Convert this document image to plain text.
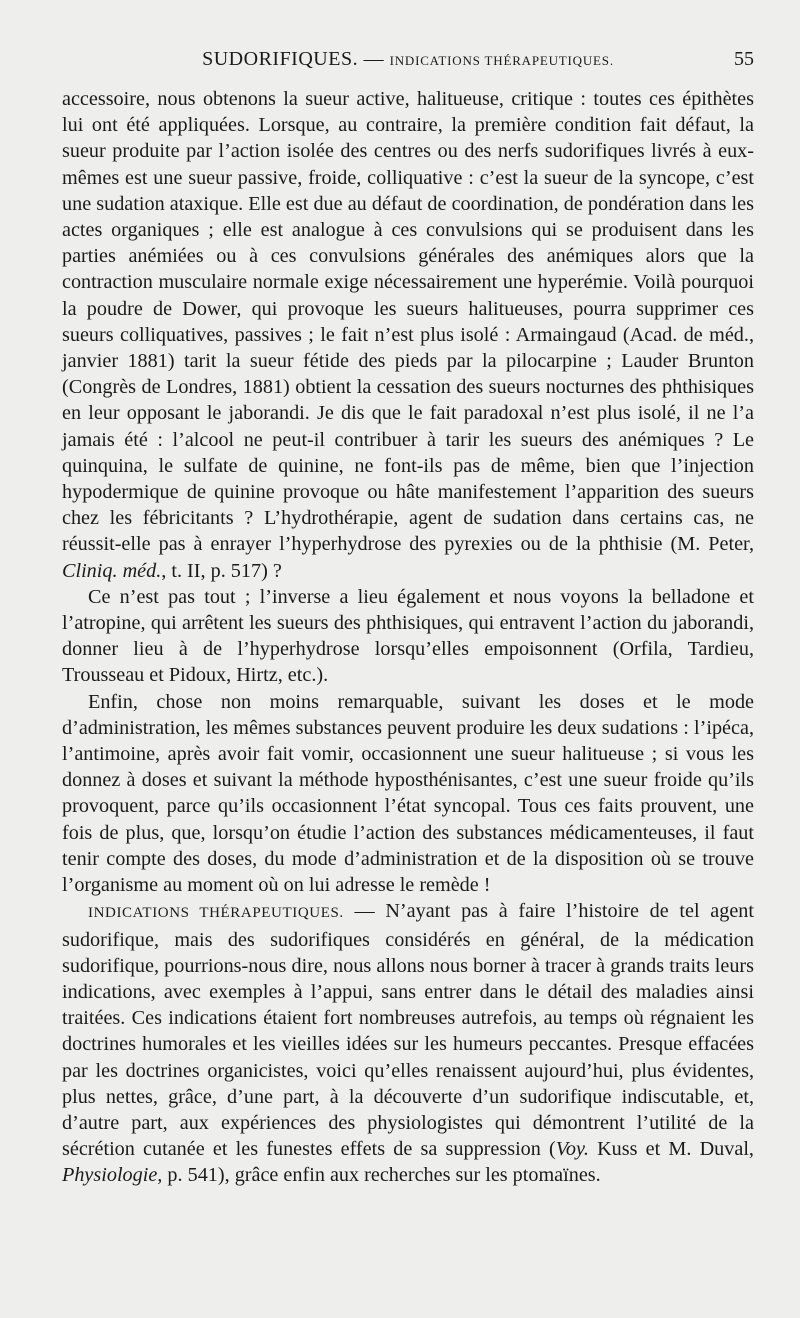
SUDORIFIQUES. — INDICATIONS THÉRAPEUTIQUES.	55

accessoire, nous obtenons la sueur active, halitueuse, critique : toutes ces épithètes lui ont été appliquées. Lorsque, au contraire, la première condition fait défaut, la sueur produite par l’action isolée des centres ou des nerfs sudorifiques livrés à eux-mêmes est une sueur passive, froide, colliquative : c’est la sueur de la syncope, c’est une sudation ataxique. Elle est due au défaut de coordination, de pondération dans les actes organiques ; elle est analogue à ces convulsions qui se produisent dans les parties anémiées ou à ces convulsions générales des anémiques alors que la contraction musculaire normale exige nécessairement une hyperémie. Voilà pourquoi la poudre de Dower, qui provoque les sueurs halitueuses, pourra supprimer ces sueurs colliquatives, passives ; le fait n’est plus isolé : Armaingaud (Acad. de méd., janvier 1881) tarit la sueur fétide des pieds par la pilocarpine ; Lauder Brunton (Congrès de Londres, 1881) obtient la cessation des sueurs nocturnes des phthisiques en leur opposant le jaborandi. Je dis que le fait paradoxal n’est plus isolé, il ne l’a jamais été : l’alcool ne peut-il contribuer à tarir les sueurs des anémiques ? Le quinquina, le sulfate de quinine, ne font-ils pas de même, bien que l’injection hypodermique de quinine provoque ou hâte manifestement l’apparition des sueurs chez les fébricitants ? L’hydrothérapie, agent de sudation dans certains cas, ne réussit-elle pas à enrayer l’hyperhydrose des pyrexies ou de la phthisie (M. Peter, Cliniq. méd., t. II, p. 517) ?

Ce n’est pas tout ; l’inverse a lieu également et nous voyons la belladone et l’atropine, qui arrêtent les sueurs des phthisiques, qui entravent l’action du jaborandi, donner lieu à de l’hyperhydrose lorsqu’elles empoisonnent (Orfila, Tardieu, Trousseau et Pidoux, Hirtz, etc.).

Enfin, chose non moins remarquable, suivant les doses et le mode d’administration, les mêmes substances peuvent produire les deux sudations : l’ipéca, l’antimoine, après avoir fait vomir, occasionnent une sueur halitueuse ; si vous les donnez à doses et suivant la méthode hyposthénisantes, c’est une sueur froide qu’ils provoquent, parce qu’ils occasionnent l’état syncopal. Tous ces faits prouvent, une fois de plus, que, lorsqu’on étudie l’action des substances médicamenteuses, il faut tenir compte des doses, du mode d’administration et de la disposition où se trouve l’organisme au moment où on lui adresse le remède !

INDICATIONS THÉRAPEUTIQUES. — N’ayant pas à faire l’histoire de tel agent sudorifique, mais des sudorifiques considérés en général, de la médication sudorifique, pourrions-nous dire, nous allons nous borner à tracer à grands traits leurs indications, avec exemples à l’appui, sans entrer dans le détail des maladies ainsi traitées. Ces indications étaient fort nombreuses autrefois, au temps où régnaient les doctrines humorales et les vieilles idées sur les humeurs peccantes. Presque effacées par les doctrines organicistes, voici qu’elles renaissent aujourd’hui, plus évidentes, plus nettes, grâce, d’une part, à la découverte d’un sudorifique indiscutable, et, d’autre part, aux expériences des physiologistes qui démontrent l’utilité de la sécrétion cutanée et les funestes effets de sa suppression (Voy. Kuss et M. Duval, Physiologie, p. 541), grâce enfin aux recherches sur les ptomaïnes.
